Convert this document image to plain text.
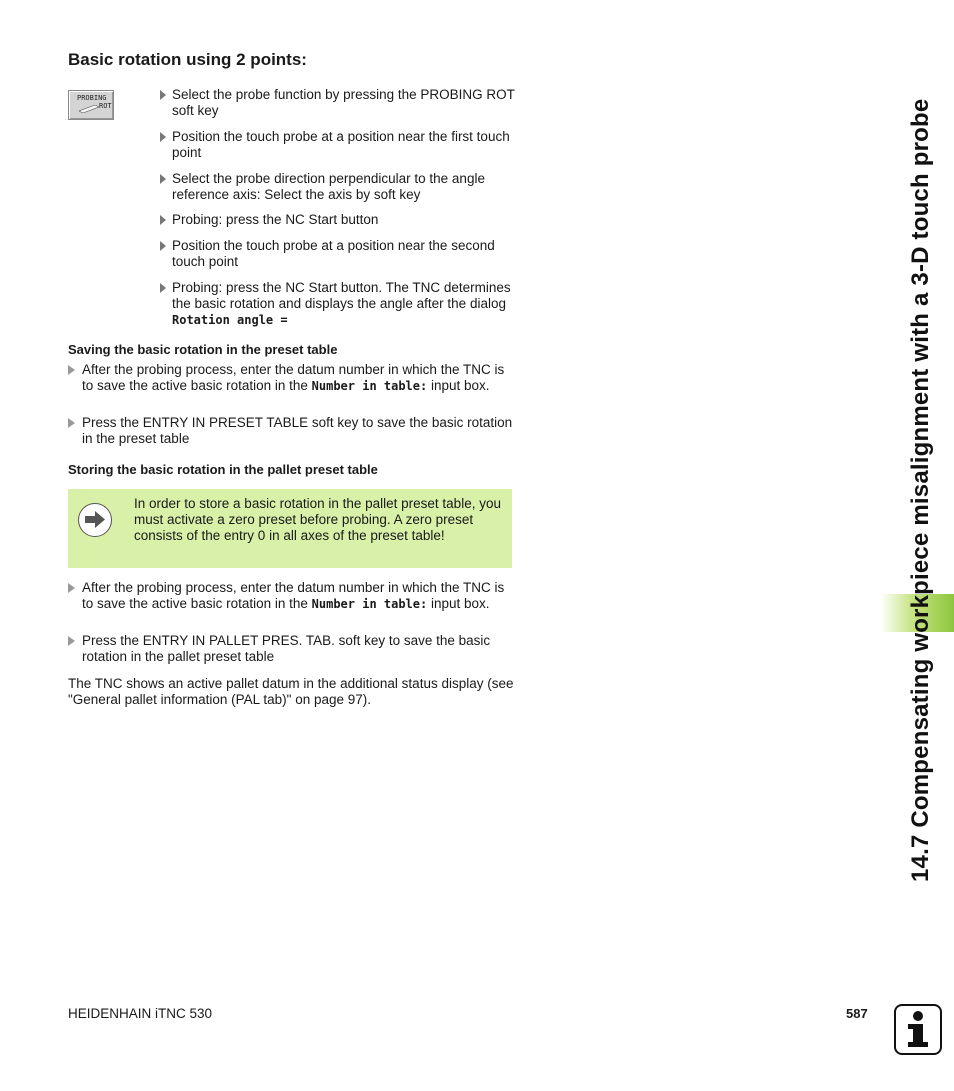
Basic rotation using 2 points:
PROBING
ROT
Select the probe function by pressing the PROBING ROT soft key
Position the touch probe at a position near the first touch point
Select the probe direction perpendicular to the angle reference axis: Select the axis by soft key
Probing: press the NC Start button
Position the touch probe at a position near the second touch point
Probing: press the NC Start button. The TNC determines the basic rotation and displays the angle after the dialog Rotation angle =
Saving the basic rotation in the preset table
After the probing process, enter the datum number in which the TNC is to save the active basic rotation in the Number in table: input box.
Press the ENTRY IN PRESET TABLE soft key to save the basic rotation in the preset table
Storing the basic rotation in the pallet preset table
In order to store a basic rotation in the pallet preset table, you must activate a zero preset before probing. A zero preset consists of the entry 0 in all axes of the preset table!
After the probing process, enter the datum number in which the TNC is to save the active basic rotation in the Number in table: input box.
Press the ENTRY IN PALLET PRES. TAB. soft key to save the basic rotation in the pallet preset table
The TNC shows an active pallet datum in the additional status display (see "General pallet information (PAL tab)" on page 97).	14.7 Compensating workpiece misalignment with a 3-D touch probe
HEIDENHAIN iTNC 530	587
